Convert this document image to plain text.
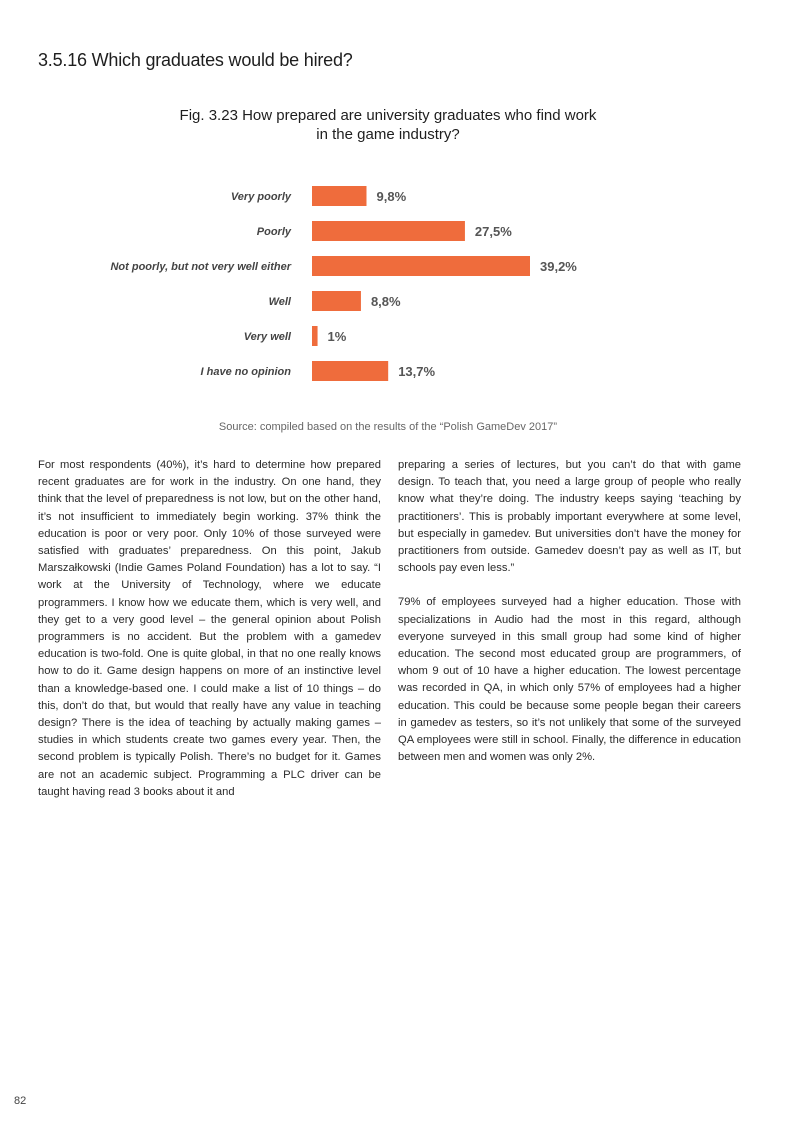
3.5.16 Which graduates would be hired?
Fig. 3.23 How prepared are university graduates who find work
in the game industry?
Very poorly	9,8%
Poorly	27,5%
Not poorly, but not very well either	39,2%
Well	8,8%
Very well	1%
I have no opinion	13,7%
Source: compiled based on the results of the “Polish GameDev 2017”

For most respondents (40%), it’s hard to determine how prepared recent graduates are for work in the industry. On one hand, they think that the level of preparedness is not low, but on the other hand, it’s not insufficient to immediately begin working. 37% think the education is poor or very poor. Only 10% of those surveyed were satisfied with graduates’ preparedness. On this point, Jakub Marszałkowski (Indie Games Poland Foundation) has a lot to say. “I work at the University of Technology, where we educate programmers. I know how we educate them, which is very well, and they get to a very good level – the general opinion about Polish programmers is no accident. But the problem with a gamedev education is two-fold. One is quite global, in that no one really knows how to do it. Game design happens on more of an instinctive level than a knowledge-based one. I could make a list of 10 things – do this, don’t do that, but would that really have any value in teaching design? There is the idea of teaching by actually making games – studies in which students create two games every year. Then, the second problem is typically Polish. There’s no budget for it. Games are not an academic subject. Programming a PLC driver can be taught having read 3 books about it and

preparing a series of lectures, but you can’t do that with game design. To teach that, you need a large group of people who really know what they’re doing. The industry keeps saying ‘teaching by practitioners’. This is probably important everywhere at some level, but especially in gamedev. But universities don’t have the money for practitioners from outside. Gamedev doesn’t pay as well as IT, but schools pay even less.”

79% of employees surveyed had a higher education. Those with specializations in Audio had the most in this regard, although everyone surveyed in this small group had some kind of higher education. The second most educated group are programmers, of whom 9 out of 10 have a higher education. The lowest percentage was recorded in QA, in which only 57% of employees had a higher education. This could be because some people began their careers in gamedev as testers, so it’s not unlikely that some of the surveyed QA employees were still in school. Finally, the difference in education between men and women was only 2%.

82
